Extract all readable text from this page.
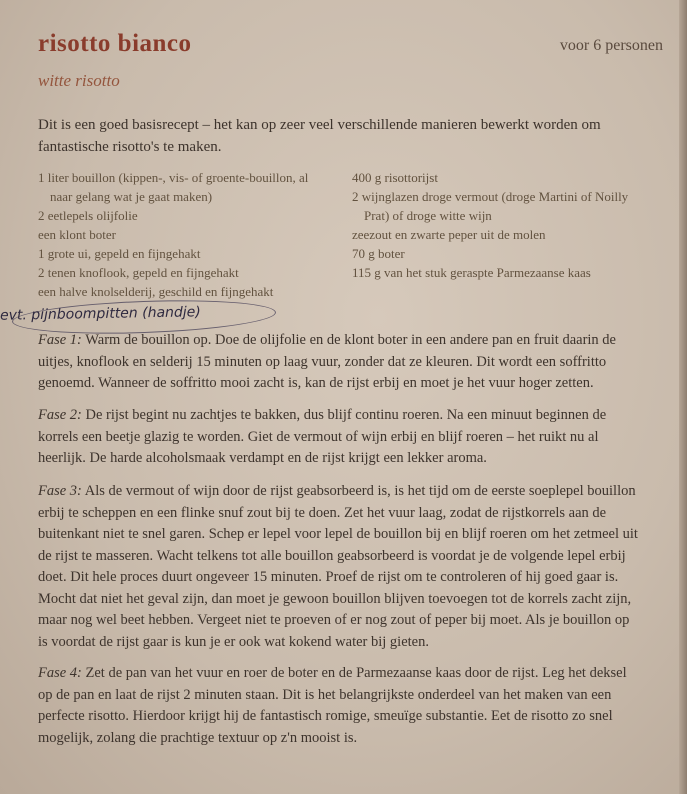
risotto bianco	voor 6 personen
witte risotto

Dit is een goed basisrecept – het kan op zeer veel verschillende manieren bewerkt worden om fantastische risotto's te maken.

1 liter bouillon (kippen-, vis- of groente-bouillon, al naar gelang wat je gaat maken)
2 eetlepels olijfolie
een klont boter
1 grote ui, gepeld en fijngehakt
2 tenen knoflook, gepeld en fijngehakt
een halve knolselderij, geschild en fijngehakt
400 g risottorijst
2 wijnglazen droge vermout (droge Martini of Noilly Prat) of droge witte wijn
zeezout en zwarte peper uit de molen
70 g boter
115 g van het stuk geraspte Parmezaanse kaas
evt. pijnboompitten (handje)

Fase 1: Warm de bouillon op. Doe de olijfolie en de klont boter in een andere pan en fruit daarin de uitjes, knoflook en selderij 15 minuten op laag vuur, zonder dat ze kleuren. Dit wordt een soffritto genoemd. Wanneer de soffritto mooi zacht is, kan de rijst erbij en moet je het vuur hoger zetten.

Fase 2: De rijst begint nu zachtjes te bakken, dus blijf continu roeren. Na een minuut beginnen de korrels een beetje glazig te worden. Giet de vermout of wijn erbij en blijf roeren – het ruikt nu al heerlijk. De harde alcoholsmaak verdampt en de rijst krijgt een lekker aroma.

Fase 3: Als de vermout of wijn door de rijst geabsorbeerd is, is het tijd om de eerste soeplepel bouillon erbij te scheppen en een flinke snuf zout bij te doen. Zet het vuur laag, zodat de rijstkorrels aan de buitenkant niet te snel garen. Schep er lepel voor lepel de bouillon bij en blijf roeren om het zetmeel uit de rijst te masseren. Wacht telkens tot alle bouillon geabsorbeerd is voordat je de volgende lepel erbij doet. Dit hele proces duurt ongeveer 15 minuten. Proef de rijst om te controleren of hij goed gaar is. Mocht dat niet het geval zijn, dan moet je gewoon bouillon blijven toevoegen tot de korrels zacht zijn, maar nog wel beet hebben. Vergeet niet te proeven of er nog zout of peper bij moet. Als je bouillon op is voordat de rijst gaar is kun je er ook wat kokend water bij gieten.

Fase 4: Zet de pan van het vuur en roer de boter en de Parmezaanse kaas door de rijst. Leg het deksel op de pan en laat de rijst 2 minuten staan. Dit is het belangrijkste onderdeel van het maken van een perfecte risotto. Hierdoor krijgt hij de fantastisch romige, smeuïge substantie. Eet de risotto zo snel mogelijk, zolang die prachtige textuur op z'n mooist is.
